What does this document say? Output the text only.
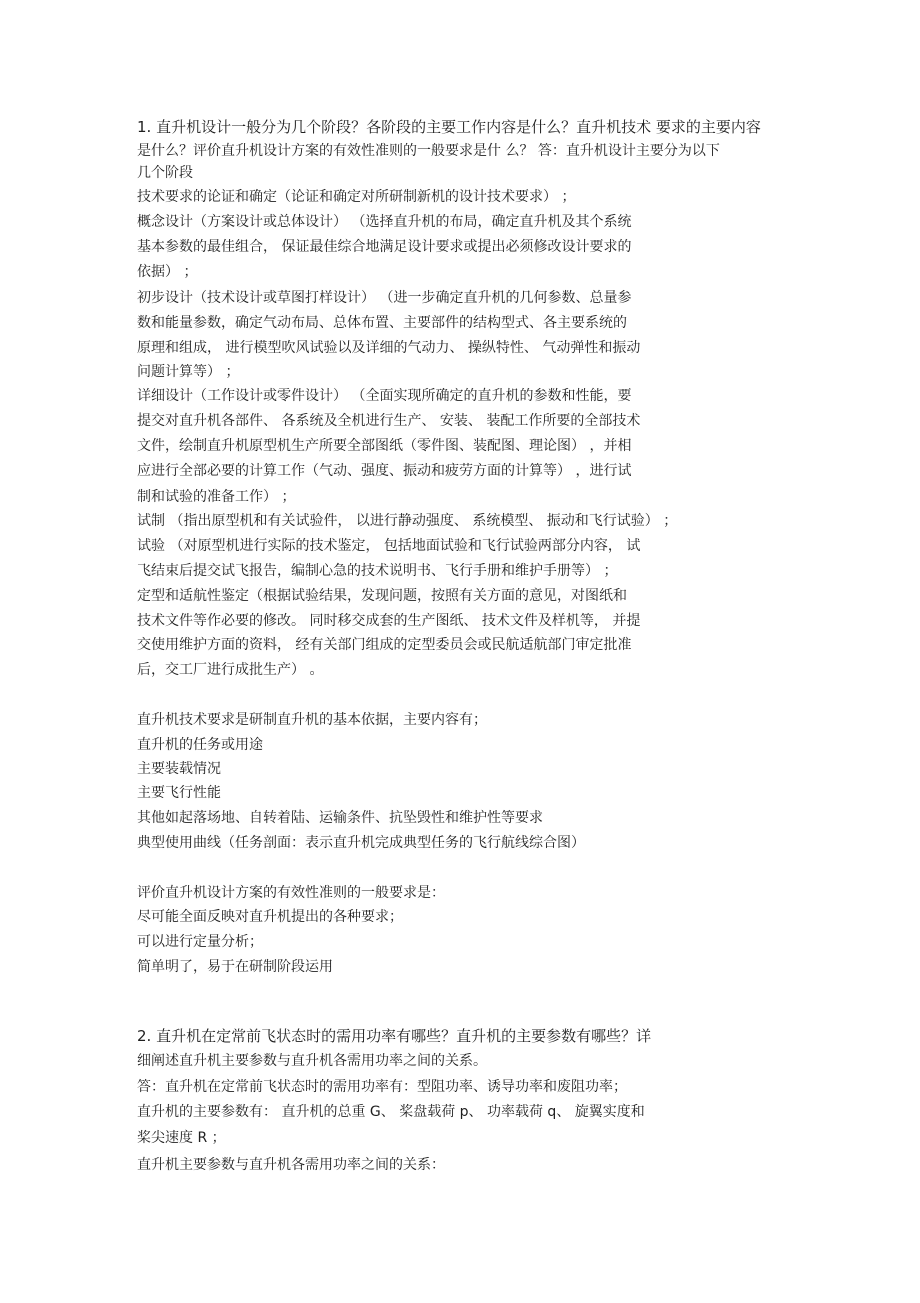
1. 直升机设计一般分为几个阶段？各阶段的主要工作内容是什么？直升机技术 要求的主要内容
是什么？评价直升机设计方案的有效性准则的一般要求是什 么？ 答：直升机设计主要分为以下
几个阶段
技术要求的论证和确定（论证和确定对所研制新机的设计技术要求） ；
概念设计（方案设计或总体设计） （选择直升机的布局，确定直升机及其个系统
基本参数的最佳组合， 保证最佳综合地满足设计要求或提出必须修改设计要求的
依据） ；
初步设计（技术设计或草图打样设计） （进一步确定直升机的几何参数、总量参
数和能量参数，确定气动布局、总体布置、主要部件的结构型式、各主要系统的
原理和组成， 进行模型吹风试验以及详细的气动力、 操纵特性、 气动弹性和振动
问题计算等） ；
详细设计（工作设计或零件设计） （全面实现所确定的直升机的参数和性能，要
提交对直升机各部件、 各系统及全机进行生产、 安装、 装配工作所要的全部技术
文件，绘制直升机原型机生产所要全部图纸（零件图、装配图、理论图） ，并相
应进行全部必要的计算工作（气动、强度、振动和疲劳方面的计算等） ，进行试
制和试验的准备工作） ；
试制 （指出原型机和有关试验件， 以进行静动强度、 系统模型、 振动和飞行试验） ；
试验 （对原型机进行实际的技术鉴定， 包括地面试验和飞行试验两部分内容， 试
飞结束后提交试飞报告，编制心急的技术说明书、飞行手册和维护手册等） ；
定型和适航性鉴定（根据试验结果，发现问题，按照有关方面的意见，对图纸和
技术文件等作必要的修改。 同时移交成套的生产图纸、 技术文件及样机等， 并提
交使用维护方面的资料， 经有关部门组成的定型委员会或民航适航部门审定批准
后，交工厂进行成批生产） 。
直升机技术要求是研制直升机的基本依据，主要内容有；
直升机的任务或用途
主要装载情况
主要飞行性能
其他如起落场地、自转着陆、运输条件、抗坠毁性和维护性等要求
典型使用曲线（任务剖面：表示直升机完成典型任务的飞行航线综合图）
评价直升机设计方案的有效性准则的一般要求是：
尽可能全面反映对直升机提出的各种要求；
可以进行定量分析；
简单明了，易于在研制阶段运用
2. 直升机在定常前飞状态时的需用功率有哪些？直升机的主要参数有哪些？详
细阐述直升机主要参数与直升机各需用功率之间的关系。
答：直升机在定常前飞状态时的需用功率有：型阻功率、诱导功率和废阻功率；
直升机的主要参数有： 直升机的总重 G、 桨盘载荷 p、 功率载荷 q、 旋翼实度和
桨尖速度 R ；
直升机主要参数与直升机各需用功率之间的关系：
